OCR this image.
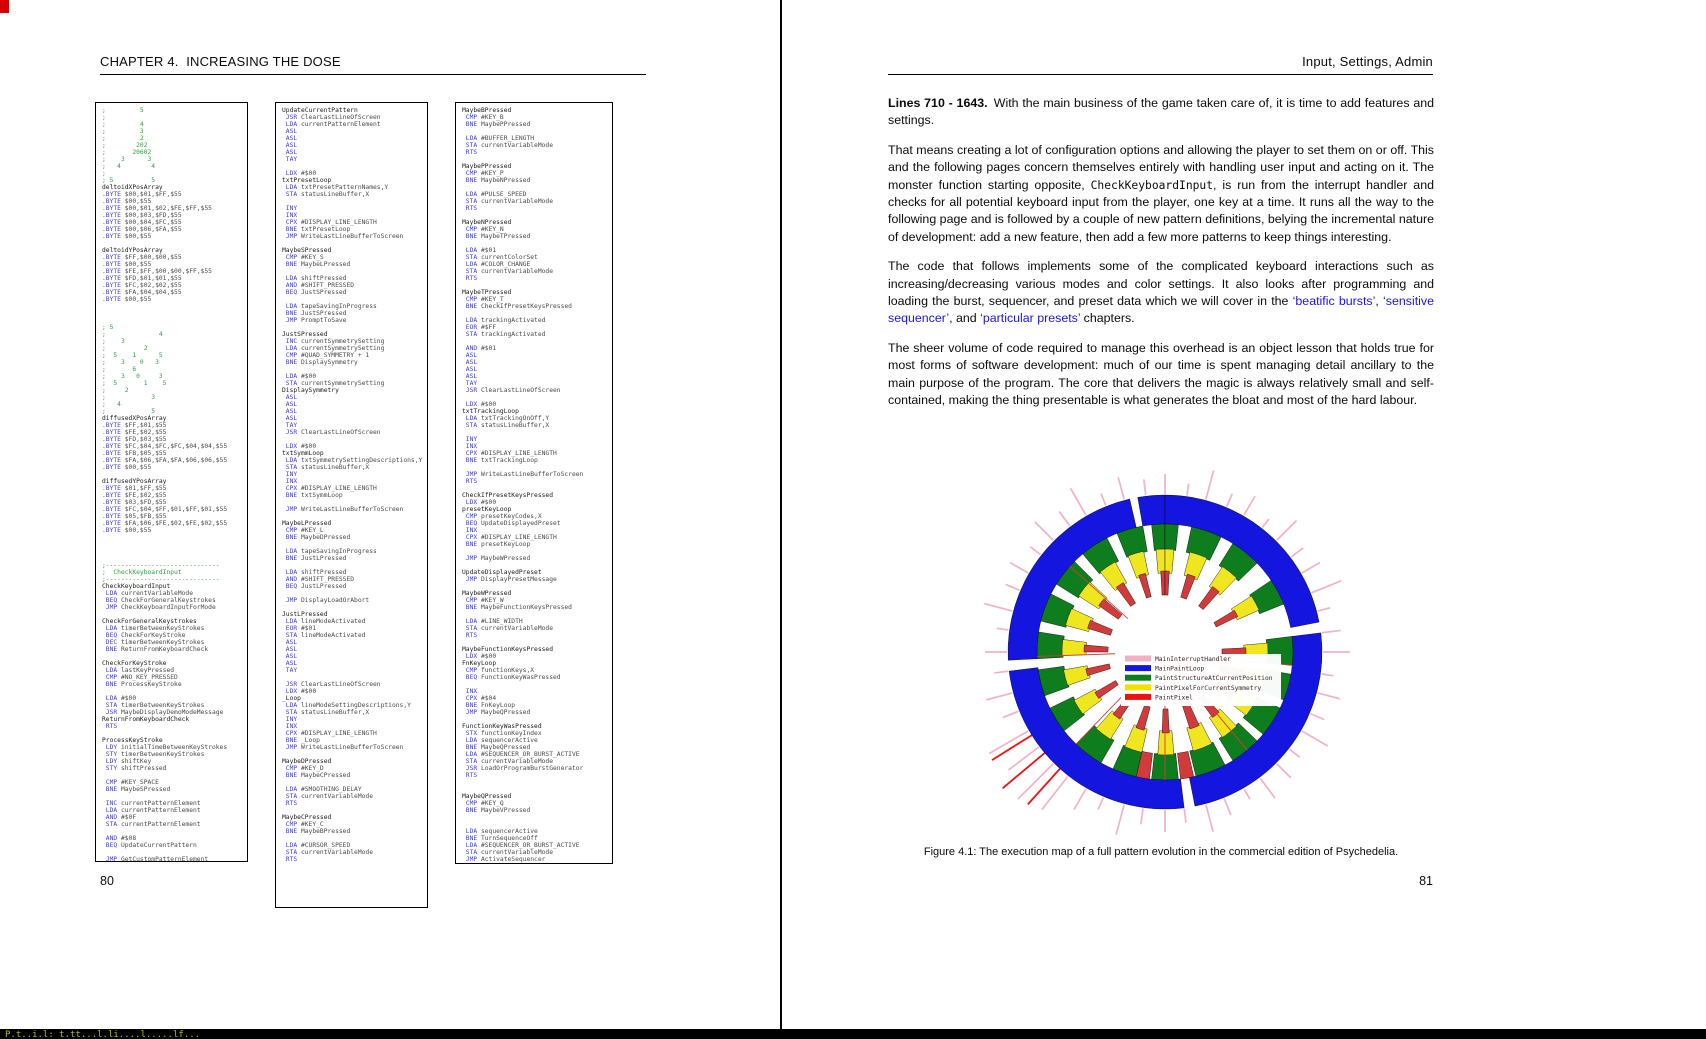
CHAPTER 4.  INCREASING THE DOSE
;         5
;
;         4
;         3
;         2
;        202
;       20602
;    3      3
;   4        4
;
; 5          5
deltoidXPosArray
.BYTE $00,$01,$FF,$55
.BYTE $00,$55
.BYTE $00,$01,$02,$FE,$FF,$55
.BYTE $00,$03,$FD,$55
.BYTE $00,$04,$FC,$55
.BYTE $00,$06,$FA,$55
.BYTE $00,$55

deltoidYPosArray
.BYTE $FF,$00,$00,$55
.BYTE $00,$55
.BYTE $FE,$FF,$00,$00,$FF,$55
.BYTE $FD,$01,$01,$55
.BYTE $FC,$02,$02,$55
.BYTE $FA,$04,$04,$55
.BYTE $00,$55

; 5
;              4
;    3
;          2
;  5    1      5
;    3    0   3
;       6
;    3   0     3
;  5       1    5
;     2
;            3
;   4
;            5
diffusedXPosArray
.BYTE $FF,$01,$55
.BYTE $FE,$02,$55
.BYTE $FD,$03,$55
.BYTE $FC,$04,$FC,$FC,$04,$04,$55
.BYTE $FB,$05,$55
.BYTE $FA,$06,$FA,$FA,$06,$06,$55
.BYTE $00,$55

diffusedYPosArray
.BYTE $01,$FF,$55
.BYTE $FE,$02,$55
.BYTE $03,$FD,$55
.BYTE $FC,$04,$FF,$01,$FF,$01,$55
.BYTE $05,$FB,$55
.BYTE $FA,$06,$FE,$02,$FE,$02,$55
.BYTE $00,$55

;------------------------------
;  CheckKeyboardInput
;------------------------------
CheckKeyboardInput
LDA currentVariableMode
BEQ CheckForGeneralKeystrokes
JMP CheckKeyboardInputForMode

CheckForGeneralKeystrokes
LDA timerBetweenKeyStrokes
BEQ CheckForKeyStroke
DEC timerBetweenKeyStrokes
BNE ReturnFromKeyboardCheck

CheckForKeyStroke
LDA lastKeyPressed
CMP #NO_KEY_PRESSED
BNE ProcessKeyStroke

LDA #$00
STA timerBetweenKeyStrokes
JSR MaybeDisplayDemoModeMessage
ReturnFromKeyboardCheck
RTS

ProcessKeyStroke
LDY initialTimeBetweenKeyStrokes
STY timerBetweenKeyStrokes
LDY shiftKey
STY shiftPressed

CMP #KEY_SPACE
BNE MaybeSPressed

INC currentPatternElement
LDA currentPatternElement
AND #$0F
STA currentPatternElement

AND #$08
BEQ UpdateCurrentPattern

JMP GetCustomPatternElement
UpdateCurrentPattern
JSR ClearLastLineOfScreen
LDA currentPatternElement
ASL
ASL
ASL
ASL
TAY

LDX #$00
txtPresetLoop
LDA txtPresetPatternNames,Y
STA statusLineBuffer,X

INY
INX
CPX #DISPLAY_LINE_LENGTH
BNE txtPresetLoop
JMP WriteLastLineBufferToScreen

MaybeSPressed
CMP #KEY_S
BNE MaybeLPressed

LDA shiftPressed
AND #SHIFT_PRESSED
BEQ JustSPressed

LDA tapeSavingInProgress
BNE JustSPressed
JMP PromptToSave

JustSPressed
INC currentSymmetrySetting
LDA currentSymmetrySetting
CMP #QUAD_SYMMETRY + 1
BNE DisplaySymmetry

LDA #$00
STA currentSymmetrySetting
DisplaySymmetry
ASL
ASL
ASL
ASL
TAY
JSR ClearLastLineOfScreen

LDX #$00
txtSymmLoop
LDA txtSymmetrySettingDescriptions,Y
STA statusLineBuffer,X
INY
INX
CPX #DISPLAY_LINE_LENGTH
BNE txtSymmLoop

JMP WriteLastLineBufferToScreen

MaybeLPressed
CMP #KEY_L
BNE MaybeDPressed

LDA tapeSavingInProgress
BNE JustLPressed

LDA shiftPressed
AND #SHIFT_PRESSED
BEQ JustLPressed

JMP DisplayLoadOrAbort

JustLPressed
LDA lineModeActivated
EOR #$01
STA lineModeActivated
ASL
ASL
ASL
ASL
TAY

JSR ClearLastLineOfScreen
LDX #$00
_Loop
LDA lineModeSettingDescriptions,Y
STA statusLineBuffer,X
INY
INX
CPX #DISPLAY_LINE_LENGTH
BNE _Loop
JMP WriteLastLineBufferToScreen

MaybeDPressed
CMP #KEY_D
BNE MaybeCPressed

LDA #SMOOTHING_DELAY
STA currentVariableMode
RTS

MaybeCPressed
CMP #KEY_C
BNE MaybeBPressed

LDA #CURSOR_SPEED
STA currentVariableMode
RTS
MaybeBPressed
CMP #KEY_B
BNE MaybePPressed

LDA #BUFFER_LENGTH
STA currentVariableMode
RTS

MaybePPressed
CMP #KEY_P
BNE MaybeNPressed

LDA #PULSE_SPEED
STA currentVariableMode
RTS

MaybeNPressed
CMP #KEY_N
BNE MaybeTPressed

LDA #$01
STA currentColorSet
LDA #COLOR_CHANGE
STA currentVariableMode
RTS

MaybeTPressed
CMP #KEY_T
BNE CheckIfPresetKeysPressed

LDA trackingActivated
EOR #$FF
STA trackingActivated

AND #$01
ASL
ASL
ASL
ASL
TAY
JSR ClearLastLineOfScreen

LDX #$00
txtTrackingLoop
LDA txtTrackingOnOff,Y
STA statusLineBuffer,X

INY
INX
CPX #DISPLAY_LINE_LENGTH
BNE txtTrackingLoop

JMP WriteLastLineBufferToScreen
RTS

CheckIfPresetKeysPressed
LDX #$00
presetKeyLoop
CMP presetKeyCodes,X
BEQ UpdateDisplayedPreset
INX
CPX #DISPLAY_LINE_LENGTH
BNE presetKeyLoop

JMP MaybeWPressed

UpdateDisplayedPreset
JMP DisplayPresetMessage

MaybeWPressed
CMP #KEY_W
BNE MaybeFunctionKeysPressed

LDA #LINE_WIDTH
STA currentVariableMode
RTS

MaybeFunctionKeysPressed
LDX #$00
FnKeyLoop
CMP functionKeys,X
BEQ FunctionKeyWasPressed

INX
CPX #$04
BNE FnKeyLoop
JMP MaybeQPressed

FunctionKeyWasPressed
STX functionKeyIndex
LDA sequencerActive
BNE MaybeQPressed
LDA #SEQUENCER_OR_BURST_ACTIVE
STA currentVariableMode
JSR LoadOrProgramBurstGenerator
RTS

MaybeQPressed
CMP #KEY_Q
BNE MaybeVPressed

LDA sequencerActive
BNE TurnSequenceOff
LDA #SEQUENCER_OR_BURST_ACTIVE
STA currentVariableMode
JMP ActivateSequencer
80
Input, Settings, Admin

Lines 710 - 1643. With the main business of the game taken care of, it is time to add features and settings.

That means creating a lot of configuration options and allowing the player to set them on or off. This and the following pages concern themselves entirely with handling user input and acting on it. The monster function starting opposite, CheckKeyboardInput, is run from the interrupt handler and checks for all potential keyboard input from the player, one key at a time. It runs all the way to the following page and is followed by a couple of new pattern definitions, belying the incremental nature of development: add a new feature, then add a few more patterns to keep things interesting.

The code that follows implements some of the complicated keyboard interactions such as increasing/decreasing various modes and color settings. It also looks after programming and loading the burst, sequencer, and preset data which we will cover in the ‘beatific bursts’, ‘sensitive sequencer’, and ‘particular presets’ chapters.

The sheer volume of code required to manage this overhead is an object lesson that holds true for most forms of software development: much of our time is spent managing detail ancillary to the main purpose of the program. The core that delivers the magic is always relatively small and self-contained, making the thing presentable is what generates the bloat and most of the hard labour.

MainInterruptHandler
MainPaintLoop
PaintStructureAtCurrentPosition
PaintPixelForCurrentSymmetry
PaintPixel
Figure 4.1: The execution map of a full pattern evolution in the commercial edition of Psychedelia.
81
P.t..i.l: t.tt...l.li....l.....lf...
